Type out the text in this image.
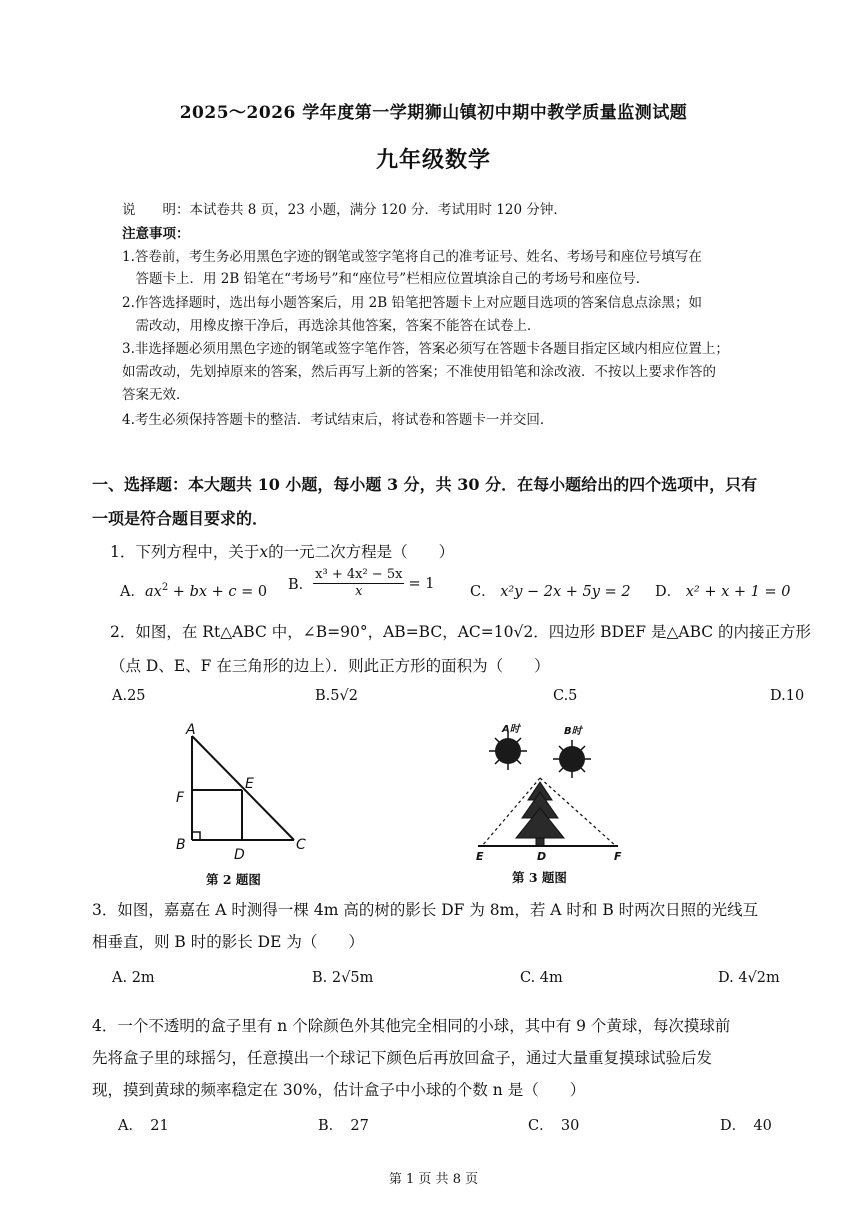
2025～2026 学年度第一学期狮山镇初中期中教学质量监测试题
九年级数学
说　　明：本试卷共 8 页，23 小题，满分 120 分．考试用时 120 分钟．
注意事项：
1.答卷前，考生务必用黑色字迹的钢笔或签字笔将自己的准考证号、姓名、考场号和座位号填写在
　答题卡上．用 2B 铅笔在“考场号”和“座位号”栏相应位置填涂自己的考场号和座位号．
2.作答选择题时，选出每小题答案后，用 2B 铅笔把答题卡上对应题目选项的答案信息点涂黑；如
　需改动，用橡皮擦干净后，再选涂其他答案，答案不能答在试卷上．
3.非选择题必须用黑色字迹的钢笔或签字笔作答，答案必须写在答题卡各题目指定区域内相应位置上；
如需改动，先划掉原来的答案，然后再写上新的答案；不准使用铅笔和涂改液．不按以上要求作答的
答案无效．
4.考生必须保持答题卡的整洁．考试结束后，将试卷和答题卡一并交回．
一、选择题：本大题共 10 小题，每小题 3 分，共 30 分．在每小题给出的四个选项中，只有
一项是符合题目要求的．
1．下列方程中，关于x的一元二次方程是（　　）
A．$ax^2$ + bx + c = 0 B． $\frac{\text{x³ + 4x² − 5x}}{x} = 1$
C． x²y − 2x + 5y = 2 D． x² + x + 1 = 0
2．如图，在 Rt△ABC 中，∠B=90°，AB=BC，AC=10√2．四边形 BDEF 是△ABC 的内接正方形
（点 D、E、F 在三角形的边上）．则此正方形的面积为（　　）
A.25	B.5√2	C.5	D.10
A
F
B
E
D
C
第 2 题图
A时	B时
E	D	F
第 3 题图
3．如图，嘉嘉在 A 时测得一棵 4m 高的树的影长 DF 为 8m，若 A 时和 B 时两次日照的光线互
相垂直，则 B 时的影长 DE 为（　　）
A. 2m	B. 2√5m	C. 4m	D. 4√2m
4．一个不透明的盒子里有 n 个除颜色外其他完全相同的小球，其中有 9 个黄球，每次摸球前
先将盒子里的球摇匀，任意摸出一个球记下颜色后再放回盒子，通过大量重复摸球试验后发
现，摸到黄球的频率稳定在 30%，估计盒子中小球的个数 n 是（　　）
A．　21	B．　27	C．　30	D．　40
第 1 页 共 8 页
